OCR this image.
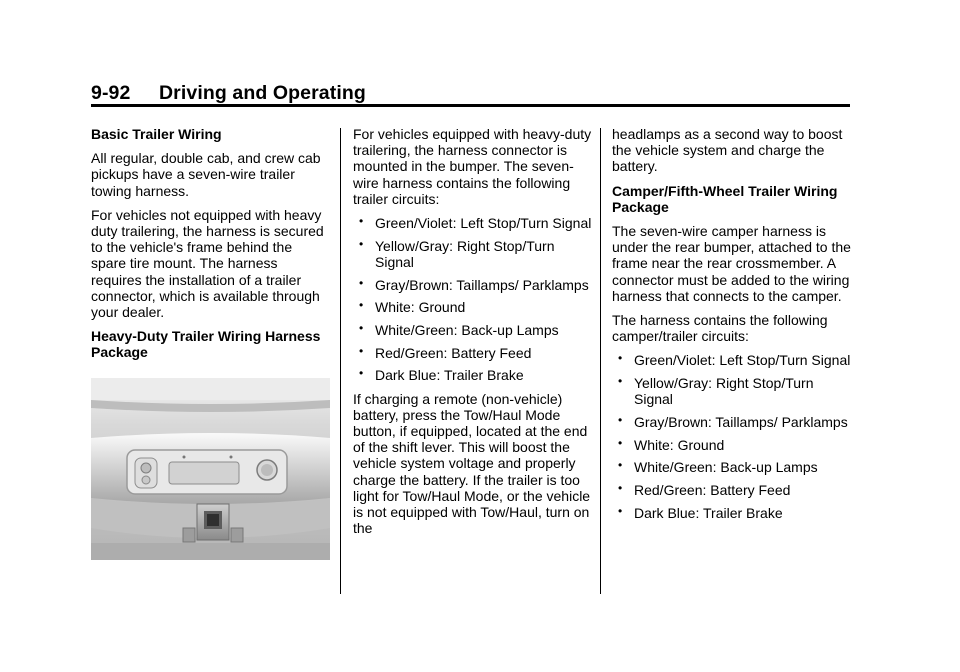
9-92 Driving and Operating

Basic Trailer Wiring

All regular, double cab, and crew cab pickups have a seven-wire trailer towing harness.

For vehicles not equipped with heavy duty trailering, the harness is secured to the vehicle's frame behind the spare tire mount. The harness requires the installation of a trailer connector, which is available through your dealer.

Heavy-Duty Trailer Wiring Harness Package

For vehicles equipped with heavy-duty trailering, the harness connector is mounted in the bumper. The seven-wire harness contains the following trailer circuits:

• Green/Violet: Left Stop/Turn Signal
• Yellow/Gray: Right Stop/Turn Signal
• Gray/Brown: Taillamps/ Parklamps
• White: Ground
• White/Green: Back-up Lamps
• Red/Green: Battery Feed
• Dark Blue: Trailer Brake

If charging a remote (non-vehicle) battery, press the Tow/Haul Mode button, if equipped, located at the end of the shift lever. This will boost the vehicle system voltage and properly charge the battery. If the trailer is too light for Tow/Haul Mode, or the vehicle is not equipped with Tow/Haul, turn on the

headlamps as a second way to boost the vehicle system and charge the battery.

Camper/Fifth-Wheel Trailer Wiring Package

The seven-wire camper harness is under the rear bumper, attached to the frame near the rear crossmember. A connector must be added to the wiring harness that connects to the camper.

The harness contains the following camper/trailer circuits:

• Green/Violet: Left Stop/Turn Signal
• Yellow/Gray: Right Stop/Turn Signal
• Gray/Brown: Taillamps/ Parklamps
• White: Ground
• White/Green: Back-up Lamps
• Red/Green: Battery Feed
• Dark Blue: Trailer Brake
